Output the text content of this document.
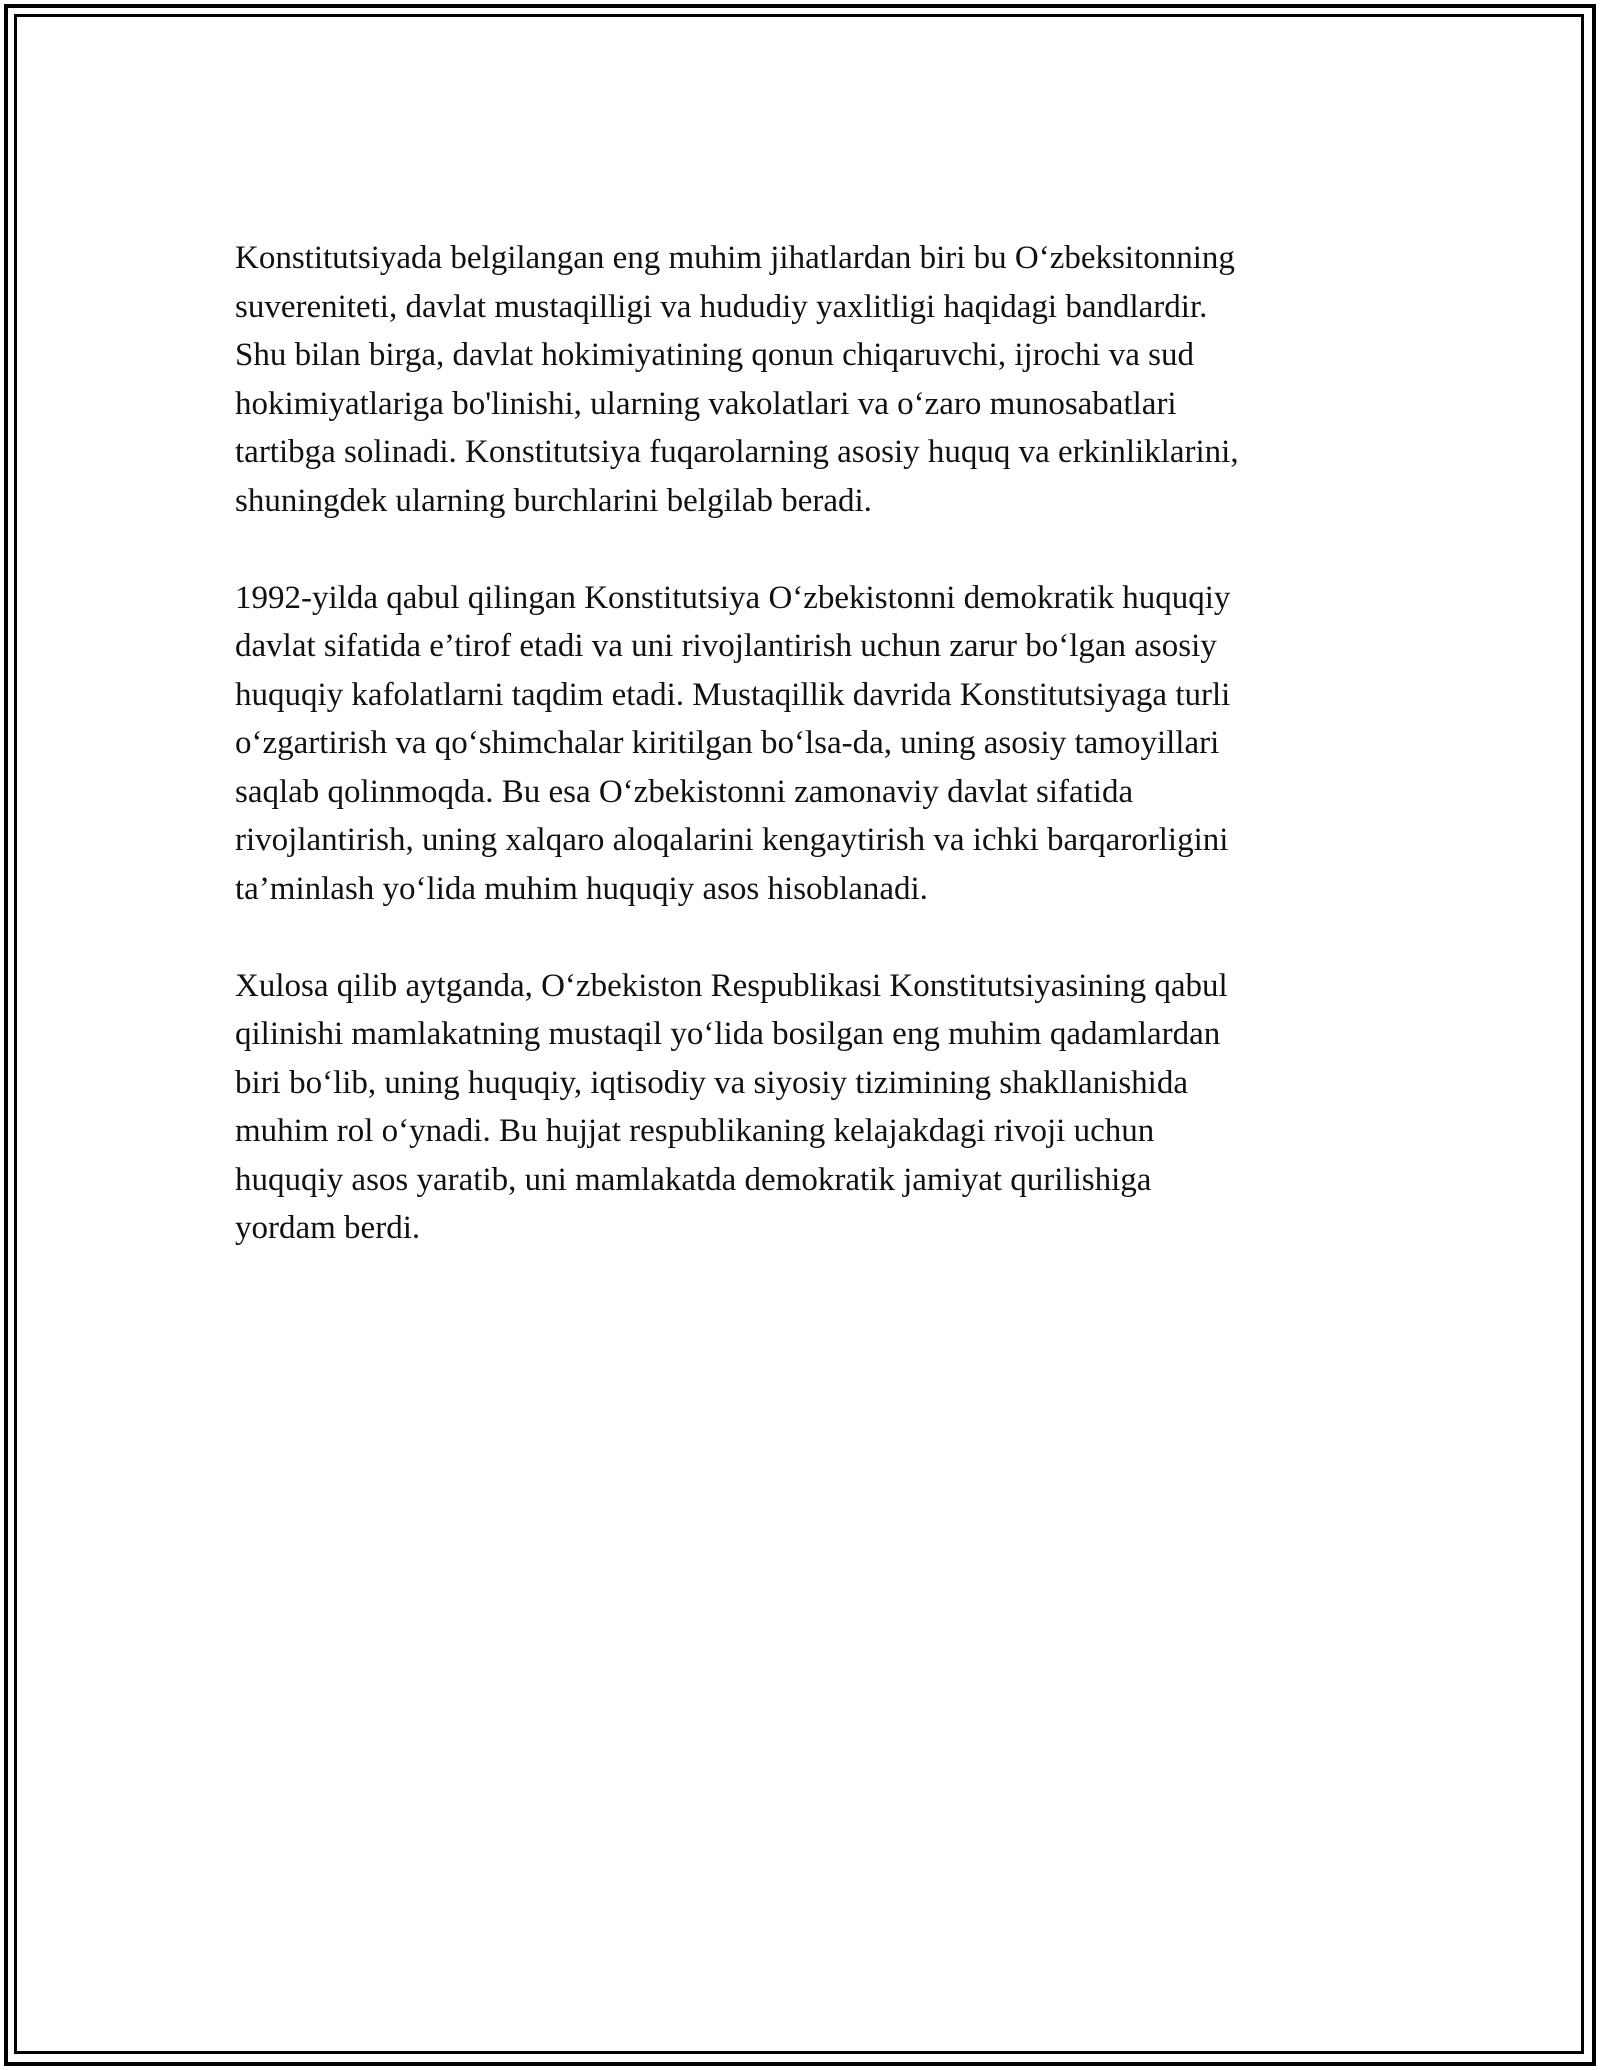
Konstitutsiyada belgilangan eng muhim jihatlardan biri bu O‘zbeksitonning
suvereniteti, davlat mustaqilligi va hududiy yaxlitligi haqidagi bandlardir.
Shu bilan birga, davlat hokimiyatining qonun chiqaruvchi, ijrochi va sud
hokimiyatlariga bo'linishi, ularning vakolatlari va o‘zaro munosabatlari
tartibga solinadi. Konstitutsiya fuqarolarning asosiy huquq va erkinliklarini,
shuningdek ularning burchlarini belgilab beradi.

1992-yilda qabul qilingan Konstitutsiya O‘zbekistonni demokratik huquqiy
davlat sifatida e’tirof etadi va uni rivojlantirish uchun zarur bo‘lgan asosiy
huquqiy kafolatlarni taqdim etadi. Mustaqillik davrida Konstitutsiyaga turli
o‘zgartirish va qo‘shimchalar kiritilgan bo‘lsa-da, uning asosiy tamoyillari
saqlab qolinmoqda. Bu esa O‘zbekistonni zamonaviy davlat sifatida
rivojlantirish, uning xalqaro aloqalarini kengaytirish va ichki barqarorligini
ta’minlash yo‘lida muhim huquqiy asos hisoblanadi.

Xulosa qilib aytganda, O‘zbekiston Respublikasi Konstitutsiyasining qabul
qilinishi mamlakatning mustaqil yo‘lida bosilgan eng muhim qadamlardan
biri bo‘lib, uning huquqiy, iqtisodiy va siyosiy tizimining shakllanishida
muhim rol o‘ynadi. Bu hujjat respublikaning kelajakdagi rivoji uchun
huquqiy asos yaratib, uni mamlakatda demokratik jamiyat qurilishiga
yordam berdi.
